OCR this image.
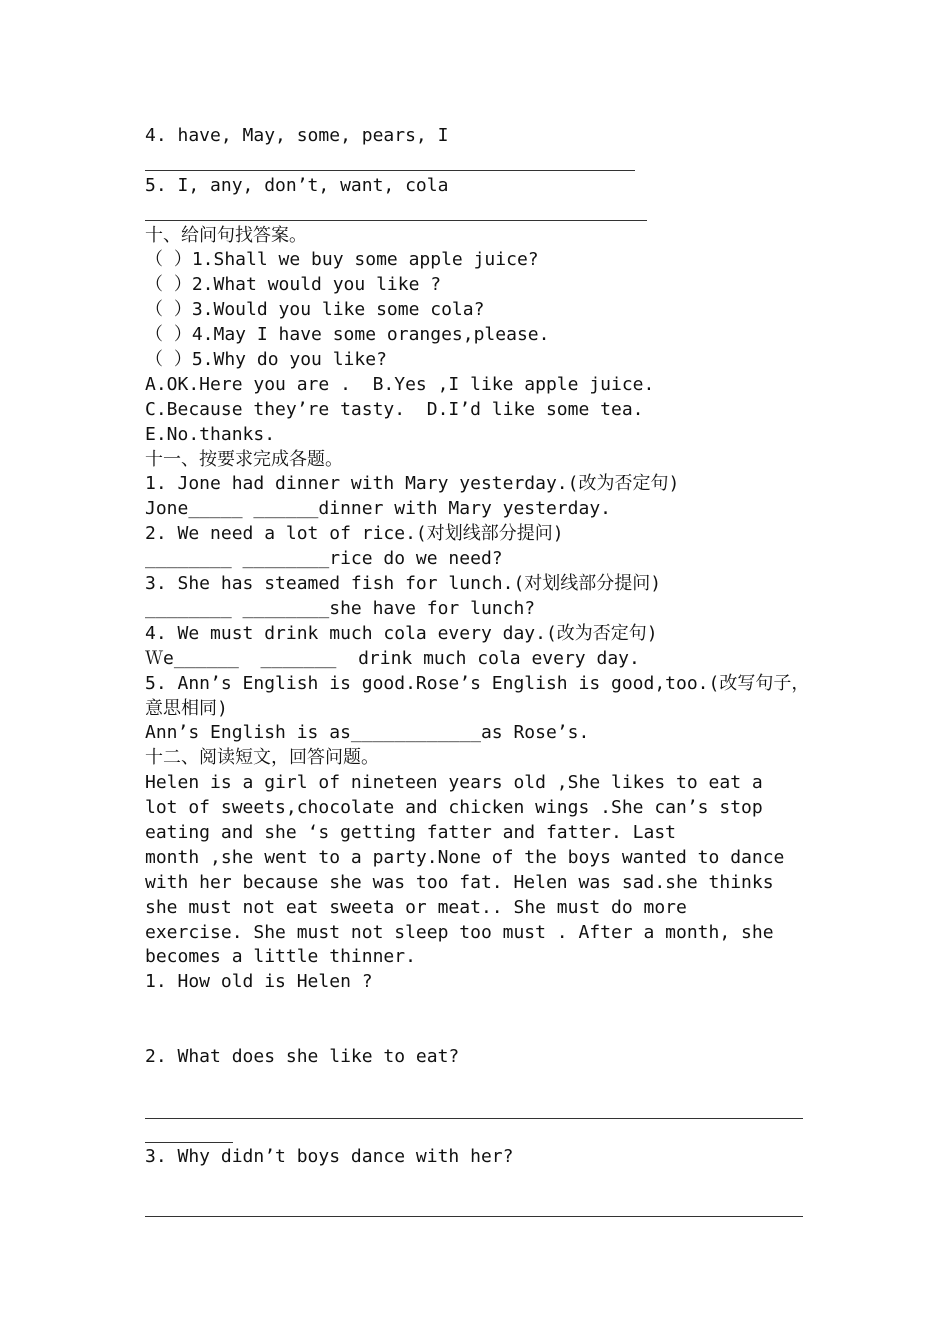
4. have, May, some, pears, I
5. I, any, don’t, want, cola
十、给问句找答案。
（ ）1.Shall we buy some apple juice?
（ ）2.What would you like ?
（ ）3.Would you like some cola?
（ ）4.May I have some oranges,please.
（ ）5.Why do you like?
A.OK.Here you are .  B.Yes ,I like apple juice.
C.Because they’re tasty.  D.I’d like some tea.
E.No.thanks.
十一、按要求完成各题。
1. Jone had dinner with Mary yesterday.(改为否定句)
Jone_____ ______dinner with Mary yesterday.
2. We need a lot of rice.(对划线部分提问)
________ ________rice do we need?
3. She has steamed fish for lunch.(对划线部分提问)
________ ________she have for lunch?
4. We must drink much cola every day.(改为否定句)
Ｗe______  _______  drink much cola every day.
5. Ann’s English is good.Rose’s English is good,too.(改写句子，意思相同)
Ann’s English is as____________as Rose’s.
十二、阅读短文，回答问题。
Helen is a girl of nineteen years old ,She likes to eat a
lot of sweets,chocolate and chicken wings .She can’s stop
eating and she ‘s getting fatter and fatter. Last
month ,she went to a party.None of the boys wanted to dance
with her because she was too fat. Helen was sad.she thinks
she must not eat sweeta or meat.. She must do more
exercise. She must not sleep too must . After a month, she
becomes a little thinner.
1. How old is Helen ?
2. What does she like to eat?
3. Why didn’t boys dance with her?
